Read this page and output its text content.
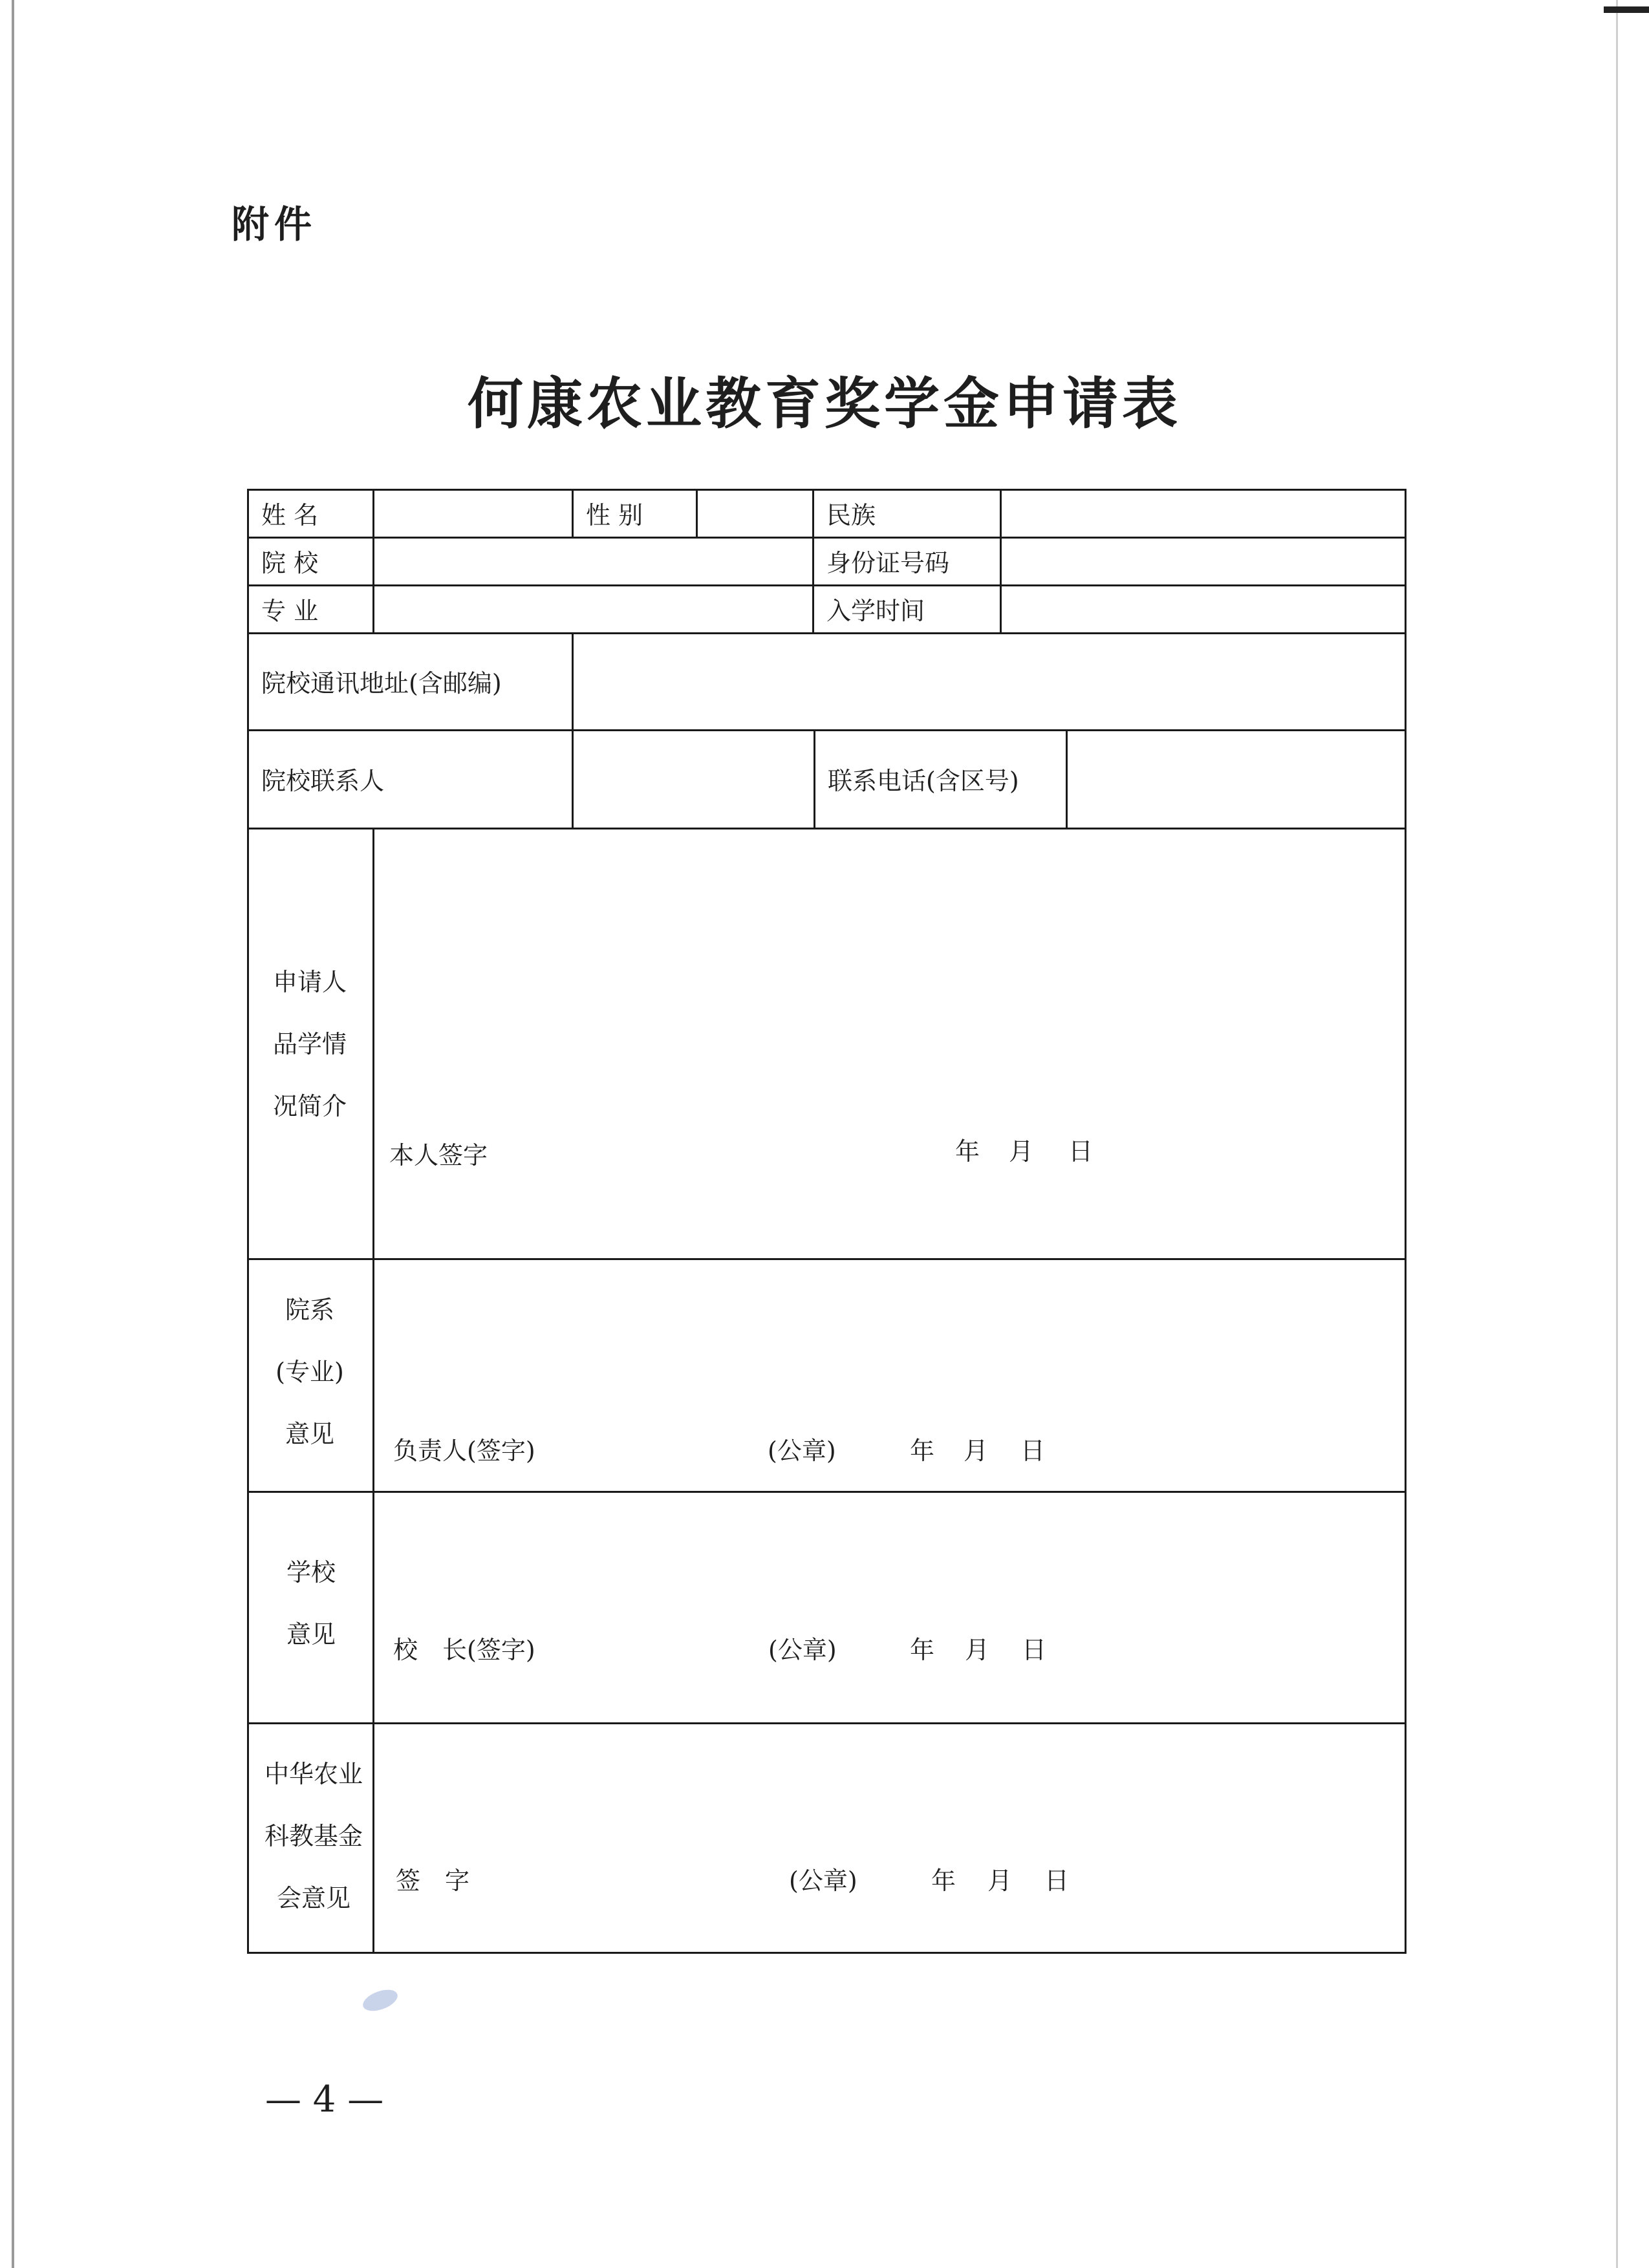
附件
何康农业教育奖学金申请表
姓 名	性 别	民族
院 校	身份证号码
专 业	入学时间
院校通讯地址(含邮编)
院校联系人	联系电话(含区号)
申请人
品学情
况简介
本人签字	年 月 日
院系
(专业)
意见
负责人(签字)	(公章)	年 月 日
学校
意见
校　长(签字)	(公章)	年 月 日
中华农业
科教基金
会意见
签　字	(公章)	年 月 日
— 4 —
